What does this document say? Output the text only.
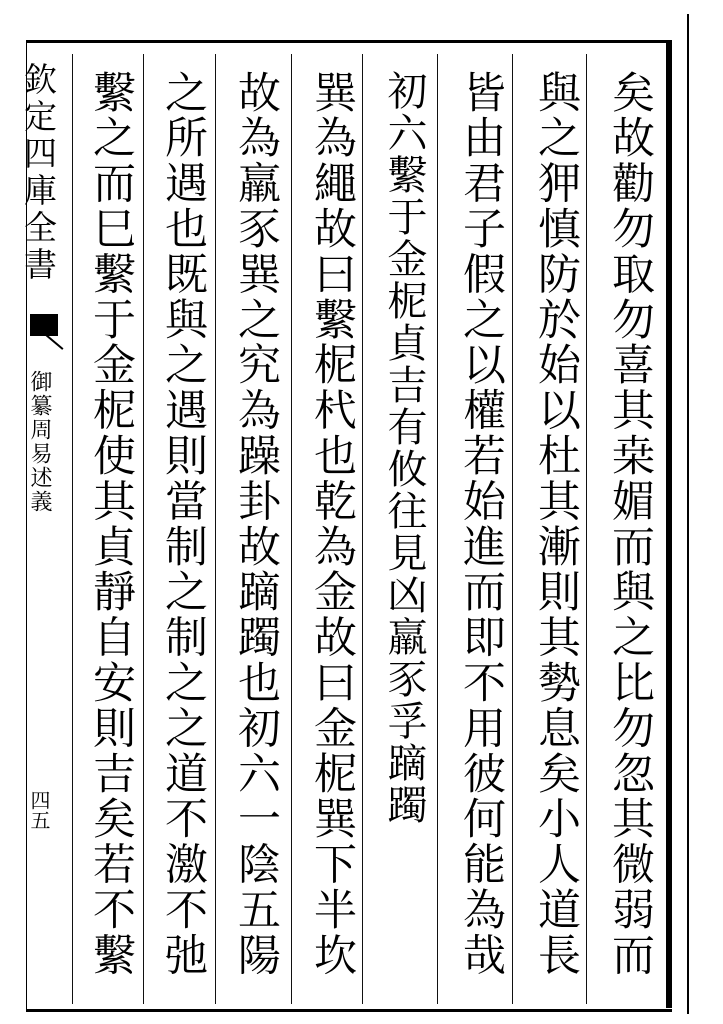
欽定四庫全書
御纂周易述義
四五	矣故勸勿取勿喜其桒媚而與之比勿忽其微弱而
與之狎慎防於始以杜其漸則其勢息矣小人道長
皆由君子假之以權若始進而即不用彼何能為哉
初六繫于金柅貞吉有攸往見凶羸豕孚蹢躅
巽為繩故曰繫柅杙也乾為金故曰金柅巽下半坎
故為羸豕巽之究為躁卦故蹢躅也初六一陰五陽
之所遇也既與之遇則當制之制之之道不激不弛
繫之而巳繫于金柅使其貞靜自安則吉矣若不繫
